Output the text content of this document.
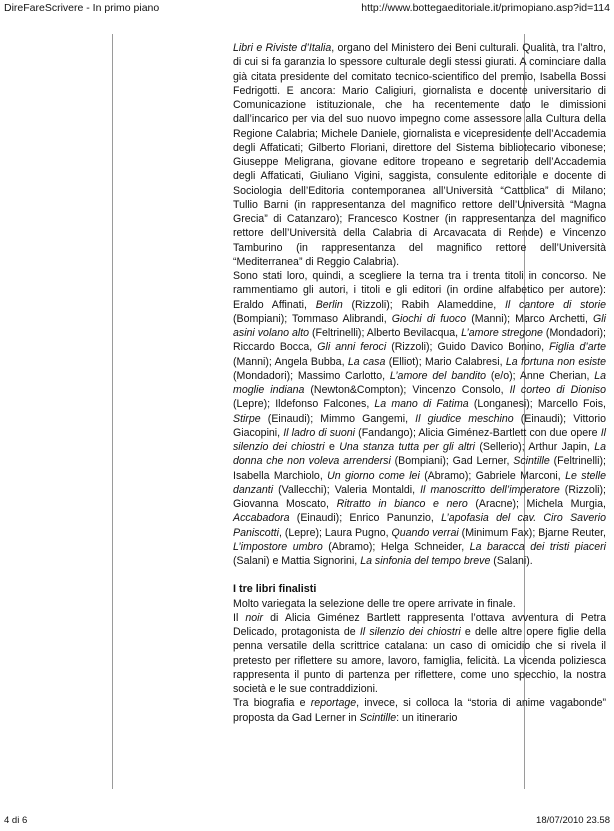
DireFareScrivere - In primo piano	http://www.bottegaeditoriale.it/primopiano.asp?id=114

Libri e Riviste d’Italia, organo del Ministero dei Beni culturali. Qualità, tra l’altro, di cui si fa garanzia lo spessore culturale degli stessi giurati. A cominciare dalla già citata presidente del comitato tecnico-scientifico del premio, Isabella Bossi Fedrigotti. E ancora: Mario Caligiuri, giornalista e docente universitario di Comunicazione istituzionale, che ha recentemente dato le dimissioni dall’incarico per via del suo nuovo impegno come assessore alla Cultura della Regione Calabria; Michele Daniele, giornalista e vicepresidente dell’Accademia degli Affaticati; Gilberto Floriani, direttore del Sistema bibliotecario vibonese; Giuseppe Meligrana, giovane editore tropeano e segretario dell’Accademia degli Affaticati, Giuliano Vigini, saggista, consulente editoriale e docente di Sociologia dell’Editoria contemporanea all’Università “Cattolica” di Milano; Tullio Barni (in rappresentanza del magnifico rettore dell’Università “Magna Grecia” di Catanzaro); Francesco Kostner (in rappresentanza del magnifico rettore dell’Università della Calabria di Arcavacata di Rende) e Vincenzo Tamburino (in rappresentanza del magnifico rettore dell’Università “Mediterranea” di Reggio Calabria).

Sono stati loro, quindi, a scegliere la terna tra i trenta titoli in concorso. Ne rammentiamo gli autori, i titoli e gli editori (in ordine alfabetico per autore): Eraldo Affinati, Berlin (Rizzoli); Rabih Alameddine, Il cantore di storie (Bompiani); Tommaso Alibrandi, Giochi di fuoco (Manni); Marco Archetti, Gli asini volano alto (Feltrinelli); Alberto Bevilacqua, L’amore stregone (Mondadori); Riccardo Bocca, Gli anni feroci (Rizzoli); Guido Davico Bonino, Figlia d’arte (Manni); Angela Bubba, La casa (Elliot); Mario Calabresi, La fortuna non esiste (Mondadori); Massimo Carlotto, L’amore del bandito (e/o); Anne Cherian, La moglie indiana (Newton&Compton); Vincenzo Consolo, Il corteo di Dioniso (Lepre); Ildefonso Falcones, La mano di Fatima (Longanesi); Marcello Fois, Stirpe (Einaudi); Mimmo Gangemi, Il giudice meschino (Einaudi); Vittorio Giacopini, Il ladro di suoni (Fandango); Alicia Giménez-Bartlett con due opere Il silenzio dei chiostri e Una stanza tutta per gli altri (Sellerio); Arthur Japin, La donna che non voleva arrendersi (Bompiani); Gad Lerner, Scintille (Feltrinelli); Isabella Marchiolo, Un giorno come lei (Abramo); Gabriele Marconi, Le stelle danzanti (Vallecchi); Valeria Montaldi, Il manoscritto dell’imperatore (Rizzoli); Giovanna Moscato, Ritratto in bianco e nero (Aracne); Michela Murgia, Accabadora (Einaudi); Enrico Panunzio, L’apofasia del cav. Ciro Saverio Paniscotti, (Lepre); Laura Pugno, Quando verrai (Minimum Fax); Bjarne Reuter, L’impostore umbro (Abramo); Helga Schneider, La baracca dei tristi piaceri (Salani) e Mattia Signorini, La sinfonia del tempo breve (Salani).

I tre libri finalisti

Molto variegata la selezione delle tre opere arrivate in finale.

Il noir di Alicia Giménez Bartlett rappresenta l’ottava avventura di Petra Delicado, protagonista de Il silenzio dei chiostri e delle altre opere figlie della penna versatile della scrittrice catalana: un caso di omicidio che si rivela il pretesto per riflettere su amore, lavoro, famiglia, felicità. La vicenda poliziesca rappresenta il punto di partenza per riflettere, come uno specchio, la nostra società e le sue contraddizioni.

Tra biografia e reportage, invece, si colloca la “storia di anime vagabonde” proposta da Gad Lerner in Scintille: un itinerario

4 di 6	18/07/2010 23.58
